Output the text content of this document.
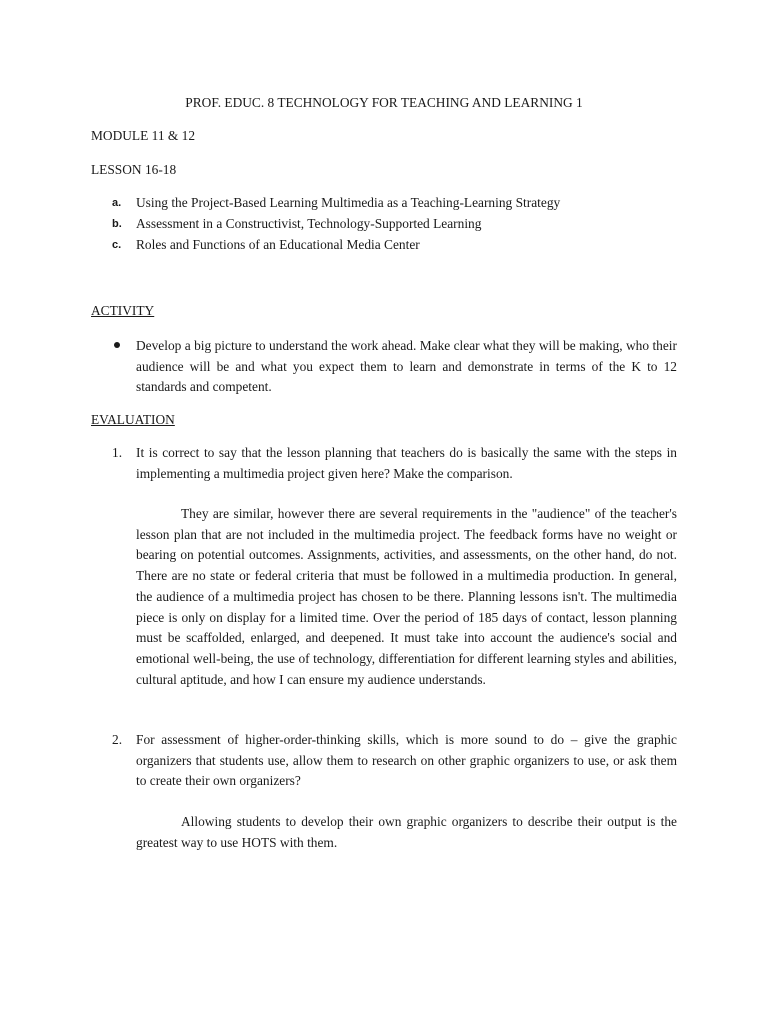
PROF. EDUC. 8 TECHNOLOGY FOR TEACHING AND LEARNING 1

MODULE 11 & 12

LESSON 16-18

a. Using the Project-Based Learning Multimedia as a Teaching-Learning Strategy
b. Assessment in a Constructivist, Technology-Supported Learning
c. Roles and Functions of an Educational Media Center

ACTIVITY

Develop a big picture to understand the work ahead. Make clear what they will be making, who their audience will be and what you expect them to learn and demonstrate in terms of the K to 12 standards and competent.

EVALUATION

1. It is correct to say that the lesson planning that teachers do is basically the same with the steps in implementing a multimedia project given here? Make the comparison.

They are similar, however there are several requirements in the "audience" of the teacher's lesson plan that are not included in the multimedia project. The feedback forms have no weight or bearing on potential outcomes. Assignments, activities, and assessments, on the other hand, do not. There are no state or federal criteria that must be followed in a multimedia production. In general, the audience of a multimedia project has chosen to be there. Planning lessons isn't. The multimedia piece is only on display for a limited time. Over the period of 185 days of contact, lesson planning must be scaffolded, enlarged, and deepened. It must take into account the audience's social and emotional well-being, the use of technology, differentiation for different learning styles and abilities, cultural aptitude, and how I can ensure my audience understands.

2. For assessment of higher-order-thinking skills, which is more sound to do – give the graphic organizers that students use, allow them to research on other graphic organizers to use, or ask them to create their own organizers?

Allowing students to develop their own graphic organizers to describe their output is the greatest way to use HOTS with them.
